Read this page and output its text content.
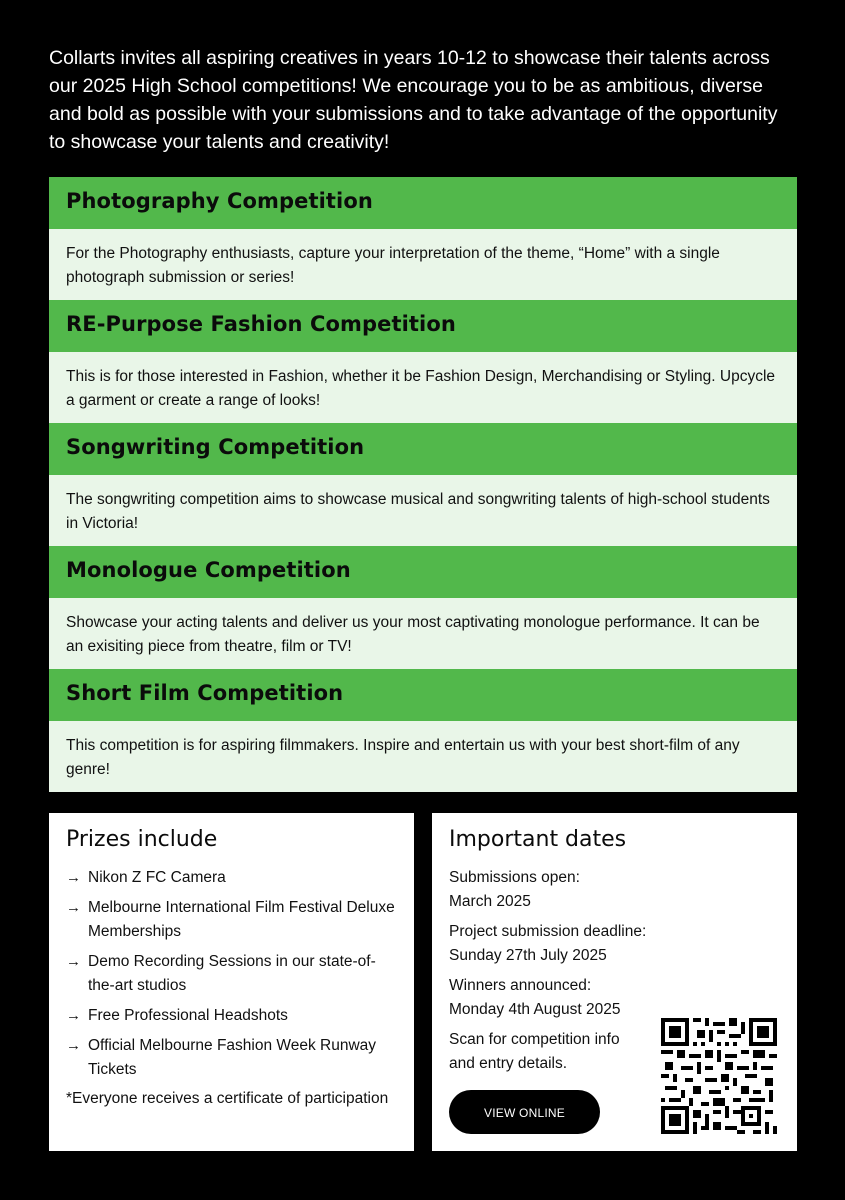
Collarts invites all aspiring creatives in years 10-12 to showcase their talents across our 2025 High School competitions! We encourage you to be as ambitious, diverse and bold as possible with your submissions and to take advantage of the opportunity to showcase your talents and creativity!
Photography Competition
For the Photography enthusiasts, capture your interpretation of the theme, “Home” with a single photograph submission or series!
RE-Purpose Fashion Competition
This is for those interested in Fashion, whether it be Fashion Design, Merchandising or Styling. Upcycle a garment or create a range of looks!
Songwriting Competition
The songwriting competition aims to showcase musical and songwriting talents of high-school students in Victoria!
Monologue Competition
Showcase your acting talents and deliver us your most captivating monologue performance. It can be an exisiting piece from theatre, film or TV!
Short Film Competition
This competition is for aspiring filmmakers. Inspire and entertain us with your best short-film of any genre!
Prizes include
→ Nikon Z FC Camera
→ Melbourne International Film Festival Deluxe Memberships
→ Demo Recording Sessions in our state-of-the-art studios
→ Free Professional Headshots
→ Official Melbourne Fashion Week Runway Tickets
*Everyone receives a certificate of participation
Important dates
Submissions open:
March 2025
Project submission deadline:
Sunday 27th July 2025
Winners announced:
Monday 4th August 2025
Scan for competition info and entry details.
VIEW ONLINE
